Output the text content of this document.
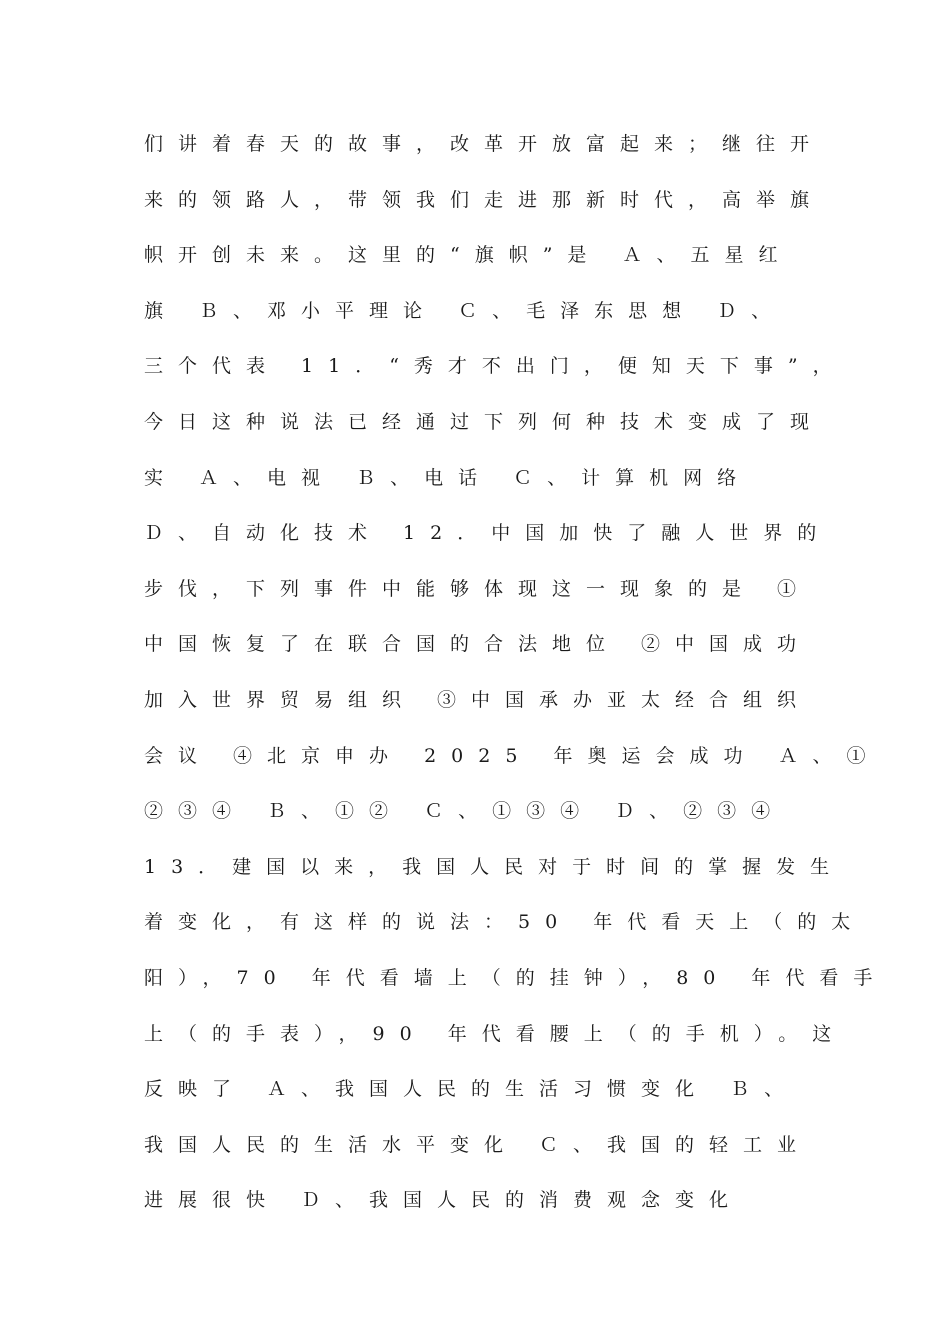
们讲着春天的故事，改革开放富起来；继往开
来的领路人，带领我们走进那新时代，高举旗
帜开创未来。这里的“旗帜”是 Ａ、五星红
旗 Ｂ、邓小平理论 Ｃ、毛泽东思想 Ｄ、
三个代表 11．“秀才不出门，便知天下事”，
今日这种说法已经通过下列何种技术变成了现
实 Ａ、电视 Ｂ、电话 Ｃ、计算机网络
Ｄ、自动化技术 12．中国加快了融人世界的
步伐，下列事件中能够体现这一现象的是 ①
中国恢复了在联合国的合法地位 ②中国成功
加入世界贸易组织 ③中国承办亚太经合组织
会议 ④北京申办 2025 年奥运会成功 Ａ、①
②③④ Ｂ、①② Ｃ、①③④ Ｄ、②③④
13．建国以来，我国人民对于时间的掌握发生
着变化，有这样的说法：50 年代看天上（的太
阳），70 年代看墙上（的挂钟），80 年代看手
上（的手表），90 年代看腰上（的手机）。这
反映了 Ａ、我国人民的生活习惯变化 Ｂ、
我国人民的生活水平变化 Ｃ、我国的轻工业
进展很快 Ｄ、我国人民的消费观念变化
